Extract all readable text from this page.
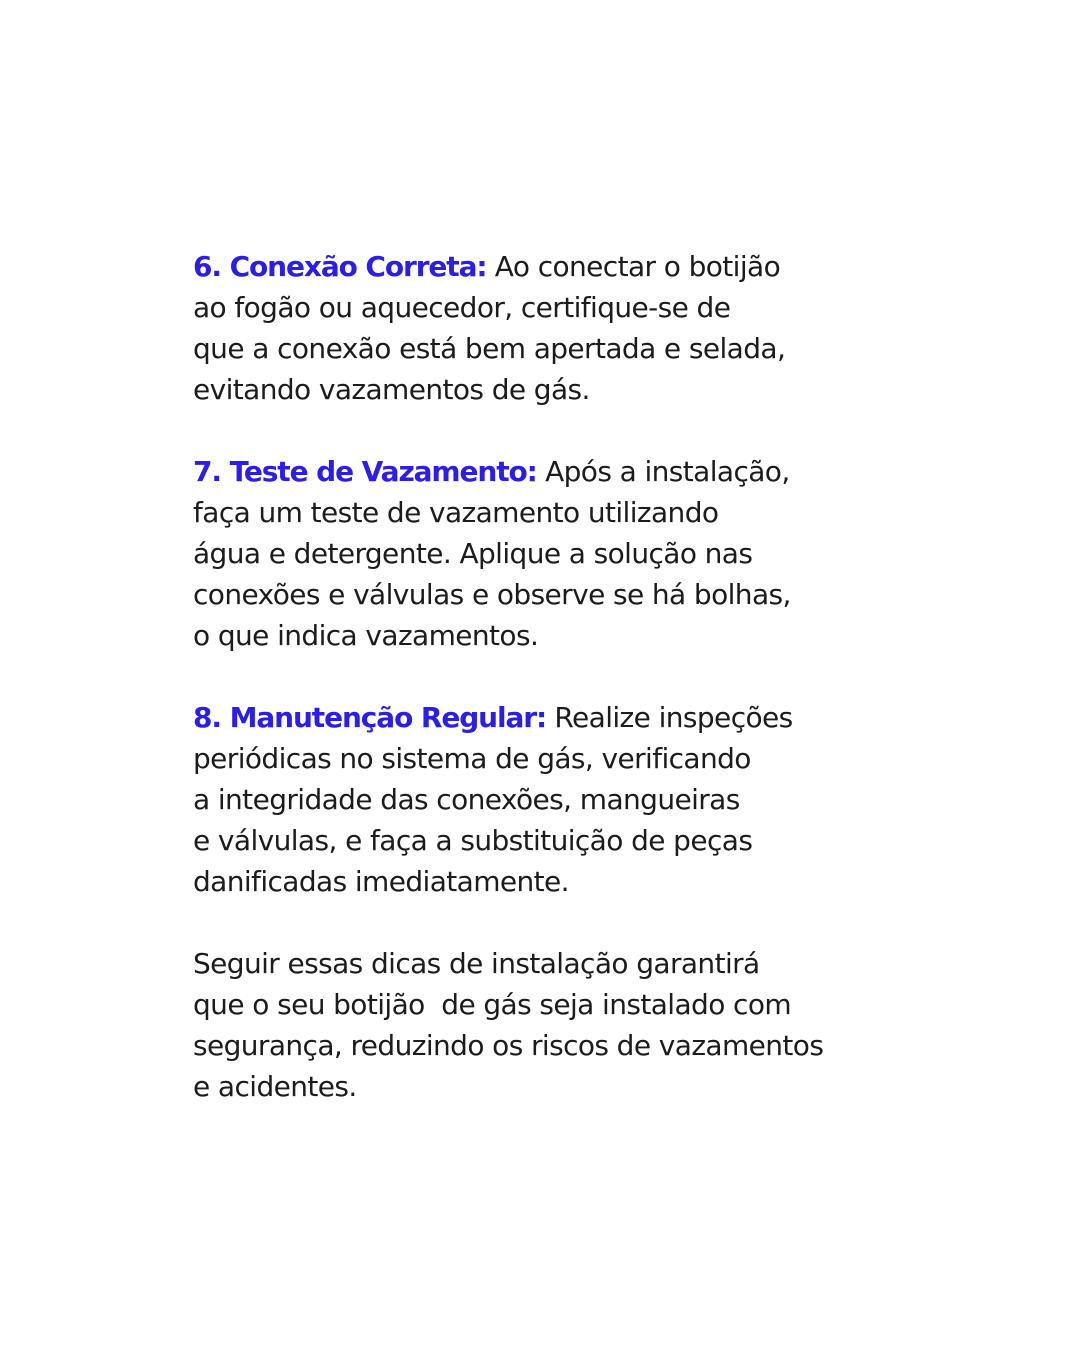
6. Conexão Correta: Ao conectar o botijão
ao fogão ou aquecedor, certifique-se de
que a conexão está bem apertada e selada,
evitando vazamentos de gás.
7. Teste de Vazamento: Após a instalação,
faça um teste de vazamento utilizando
água e detergente. Aplique a solução nas
conexões e válvulas e observe se há bolhas,
o que indica vazamentos.
8. Manutenção Regular: Realize inspeções
periódicas no sistema de gás, verificando
a integridade das conexões, mangueiras
e válvulas, e faça a substituição de peças
danificadas imediatamente.
Seguir essas dicas de instalação garantirá
que o seu botijão  de gás seja instalado com
segurança, reduzindo os riscos de vazamentos
e acidentes.
